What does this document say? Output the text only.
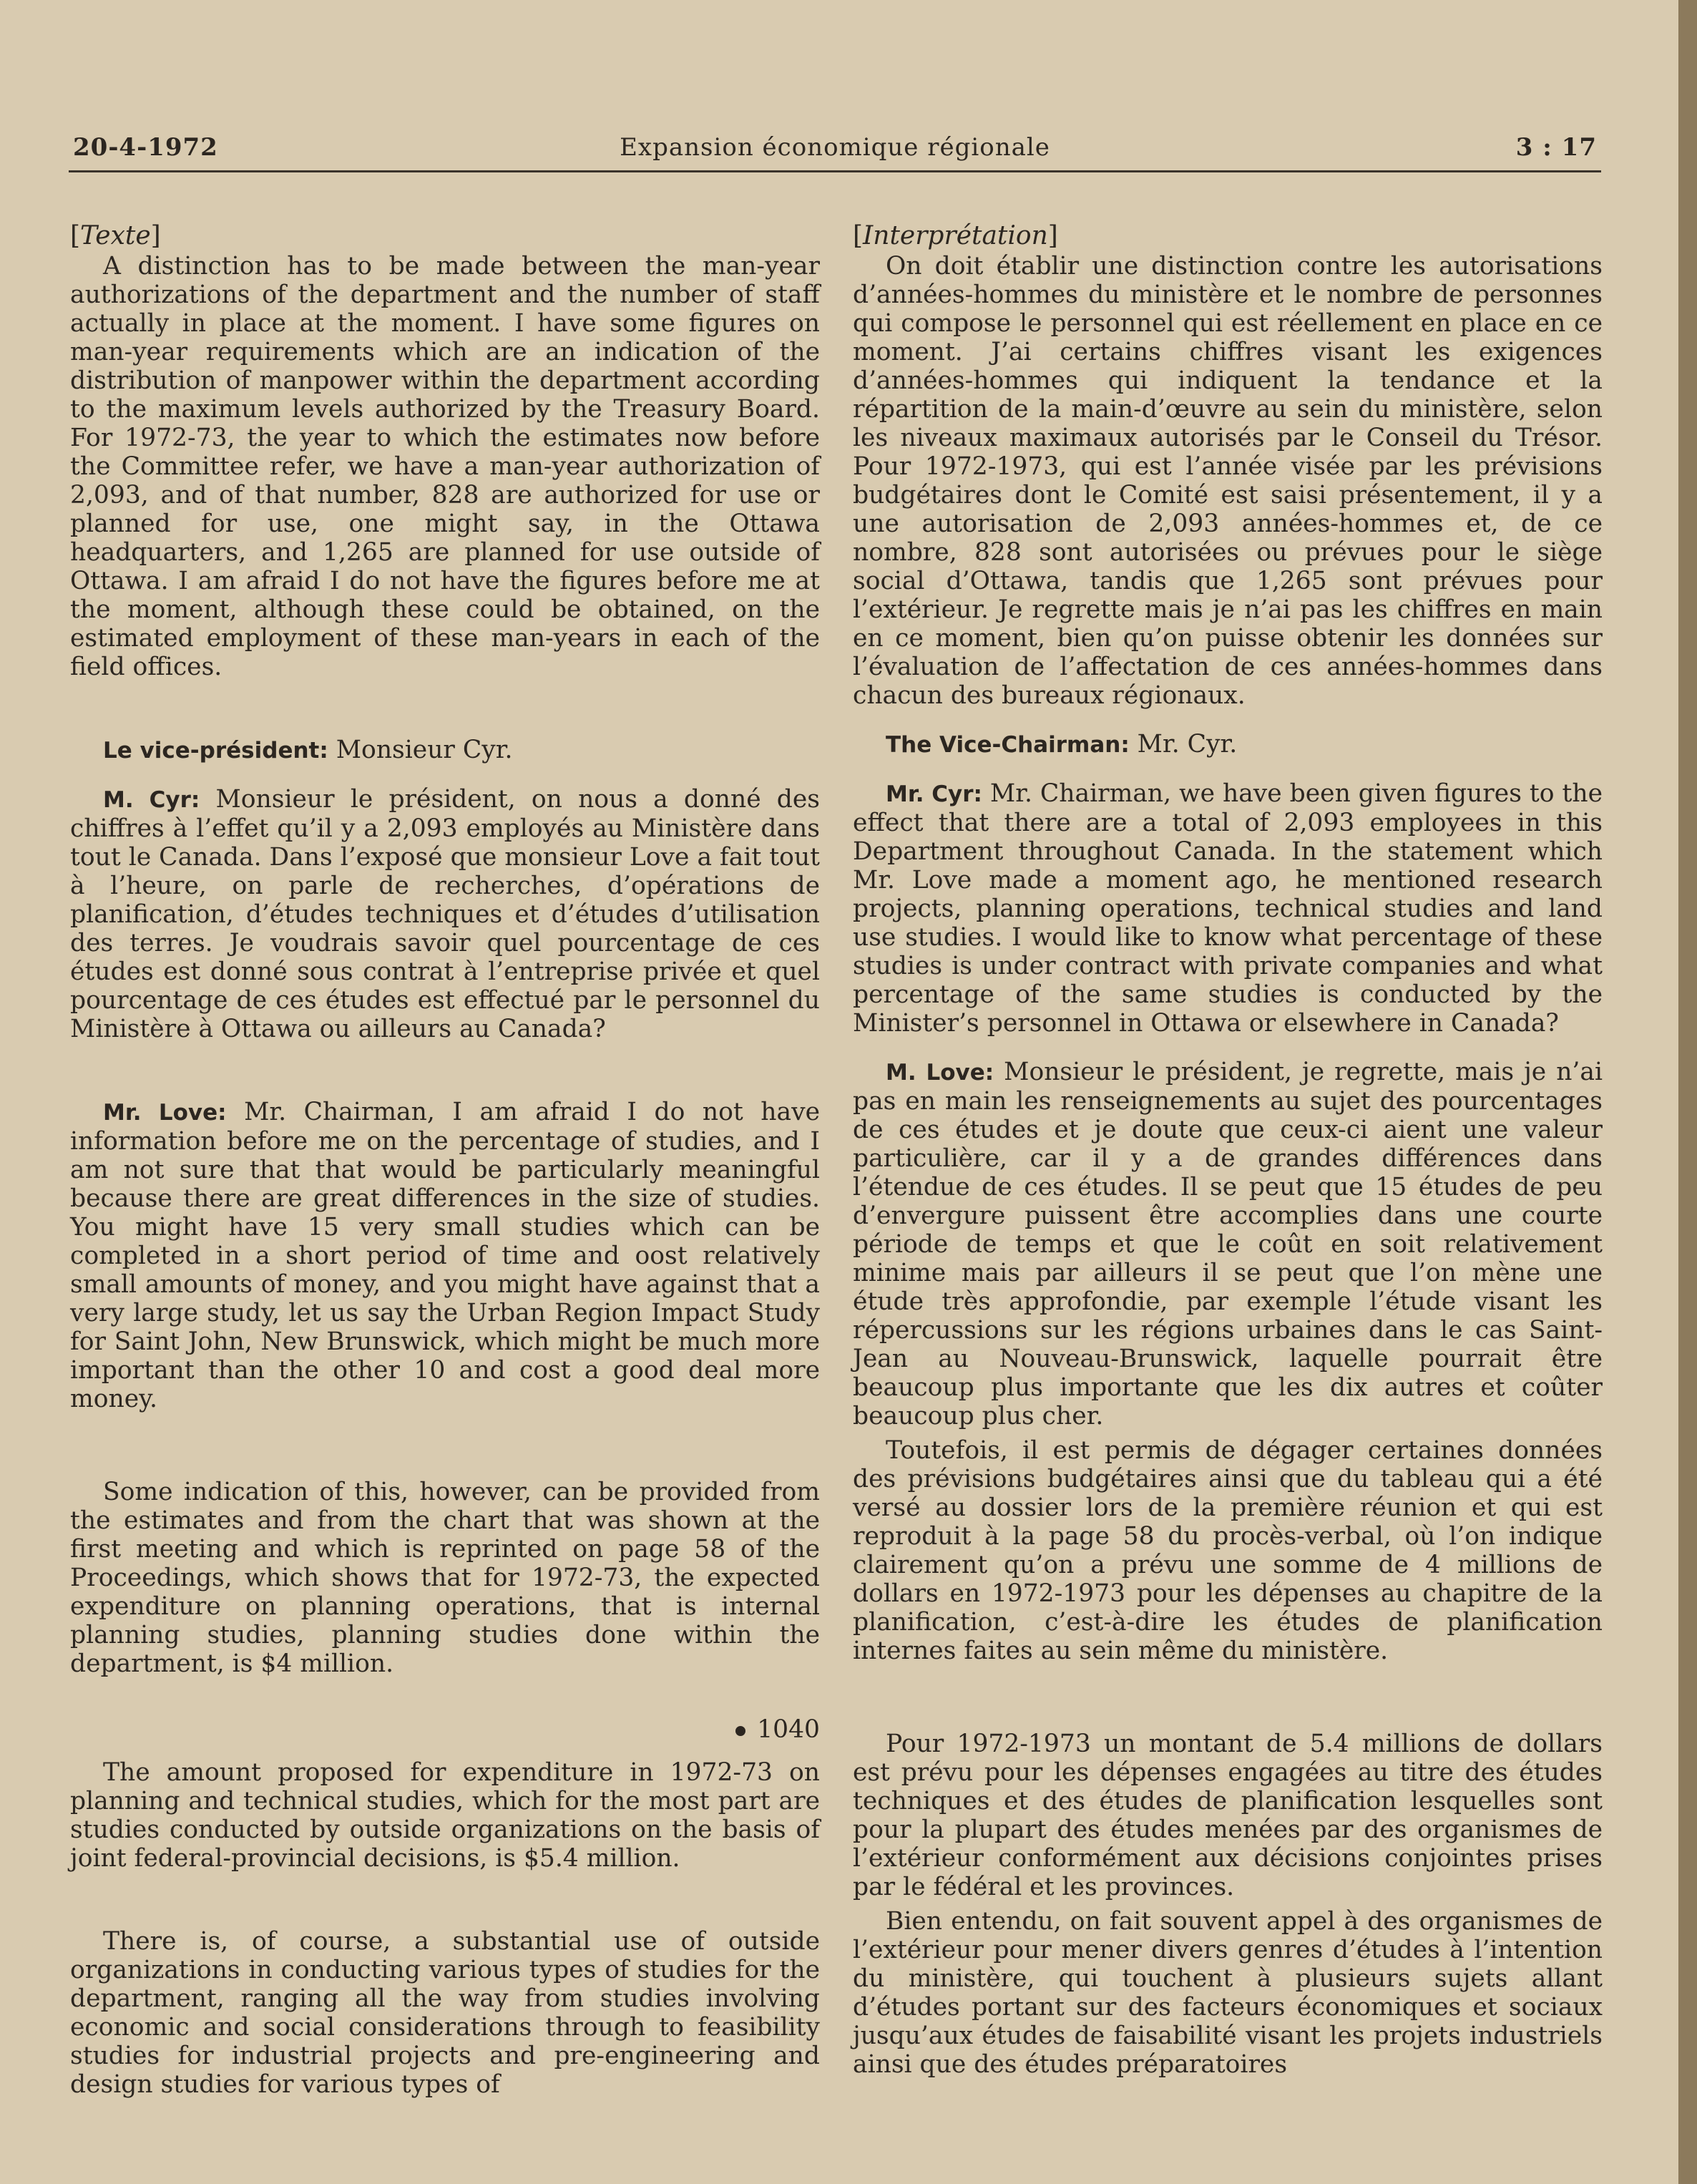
20-4-1972	Expansion économique régionale	3 : 17
[Texte]

A distinction has to be made between the man-year authorizations of the department and the number of staff actually in place at the moment. I have some figures on man-year requirements which are an indication of the distribution of manpower within the department according to the maximum levels authorized by the Treasury Board. For 1972-73, the year to which the estimates now before the Committee refer, we have a man-year authorization of 2,093, and of that number, 828 are authorized for use or planned for use, one might say, in the Ottawa headquarters, and 1,265 are planned for use outside of Ottawa. I am afraid I do not have the figures before me at the moment, although these could be obtained, on the estimated employment of these man-years in each of the field offices.

Le vice-président: Monsieur Cyr.

M. Cyr: Monsieur le président, on nous a donné des chiffres à l’effet qu’il y a 2,093 employés au Ministère dans tout le Canada. Dans l’exposé que monsieur Love a fait tout à l’heure, on parle de recherches, d’opérations de planification, d’études techniques et d’études d’utilisation des terres. Je voudrais savoir quel pourcentage de ces études est donné sous contrat à l’entreprise privée et quel pourcentage de ces études est effectué par le personnel du Ministère à Ottawa ou ailleurs au Canada?

Mr. Love: Mr. Chairman, I am afraid I do not have information before me on the percentage of studies, and I am not sure that that would be particularly meaningful because there are great differences in the size of studies. You might have 15 very small studies which can be completed in a short period of time and oost relatively small amounts of money, and you might have against that a very large study, let us say the Urban Region Impact Study for Saint John, New Brunswick, which might be much more important than the other 10 and cost a good deal more money.

Some indication of this, however, can be provided from the estimates and from the chart that was shown at the first meeting and which is reprinted on page 58 of the Proceedings, which shows that for 1972-73, the expected expenditure on planning operations, that is internal planning studies, planning studies done within the department, is $4 million.

1040

The amount proposed for expenditure in 1972-73 on planning and technical studies, which for the most part are studies conducted by outside organizations on the basis of joint federal-provincial decisions, is $5.4 million.

There is, of course, a substantial use of outside organizations in conducting various types of studies for the department, ranging all the way from studies involving economic and social considerations through to feasibility studies for industrial projects and pre-engineering and design studies for various types of

[Interprétation]

On doit établir une distinction contre les autorisations d’années-hommes du ministère et le nombre de personnes qui compose le personnel qui est réellement en place en ce moment. J’ai certains chiffres visant les exigences d’années-hommes qui indiquent la tendance et la répartition de la main-d’œuvre au sein du ministère, selon les niveaux maximaux autorisés par le Conseil du Trésor. Pour 1972-1973, qui est l’année visée par les prévisions budgétaires dont le Comité est saisi présentement, il y a une autorisation de 2,093 années-hommes et, de ce nombre, 828 sont autorisées ou prévues pour le siège social d’Ottawa, tandis que 1,265 sont prévues pour l’extérieur. Je regrette mais je n’ai pas les chiffres en main en ce moment, bien qu’on puisse obtenir les données sur l’évaluation de l’affectation de ces années-hommes dans chacun des bureaux régionaux.

The Vice-Chairman: Mr. Cyr.

Mr. Cyr: Mr. Chairman, we have been given figures to the effect that there are a total of 2,093 employees in this Department throughout Canada. In the statement which Mr. Love made a moment ago, he mentioned research projects, planning operations, technical studies and land use studies. I would like to know what percentage of these studies is under contract with private companies and what percentage of the same studies is conducted by the Minister’s personnel in Ottawa or elsewhere in Canada?

M. Love: Monsieur le président, je regrette, mais je n’ai pas en main les renseignements au sujet des pourcentages de ces études et je doute que ceux-ci aient une valeur particulière, car il y a de grandes différences dans l’étendue de ces études. Il se peut que 15 études de peu d’envergure puissent être accomplies dans une courte période de temps et que le coût en soit relativement minime mais par ailleurs il se peut que l’on mène une étude très approfondie, par exemple l’étude visant les répercussions sur les régions urbaines dans le cas Saint-Jean au Nouveau-Brunswick, laquelle pourrait être beaucoup plus importante que les dix autres et coûter beaucoup plus cher.

Toutefois, il est permis de dégager certaines données des prévisions budgétaires ainsi que du tableau qui a été versé au dossier lors de la première réunion et qui est reproduit à la page 58 du procès-verbal, où l’on indique clairement qu’on a prévu une somme de 4 millions de dollars en 1972-1973 pour les dépenses au chapitre de la planification, c’est-à-dire les études de planification internes faites au sein même du ministère.

Pour 1972-1973 un montant de 5.4 millions de dollars est prévu pour les dépenses engagées au titre des études techniques et des études de planification lesquelles sont pour la plupart des études menées par des organismes de l’extérieur conformément aux décisions conjointes prises par le fédéral et les provinces.

Bien entendu, on fait souvent appel à des organismes de l’extérieur pour mener divers genres d’études à l’intention du ministère, qui touchent à plusieurs sujets allant d’études portant sur des facteurs économiques et sociaux jusqu’aux études de faisabilité visant les projets industriels ainsi que des études préparatoires
